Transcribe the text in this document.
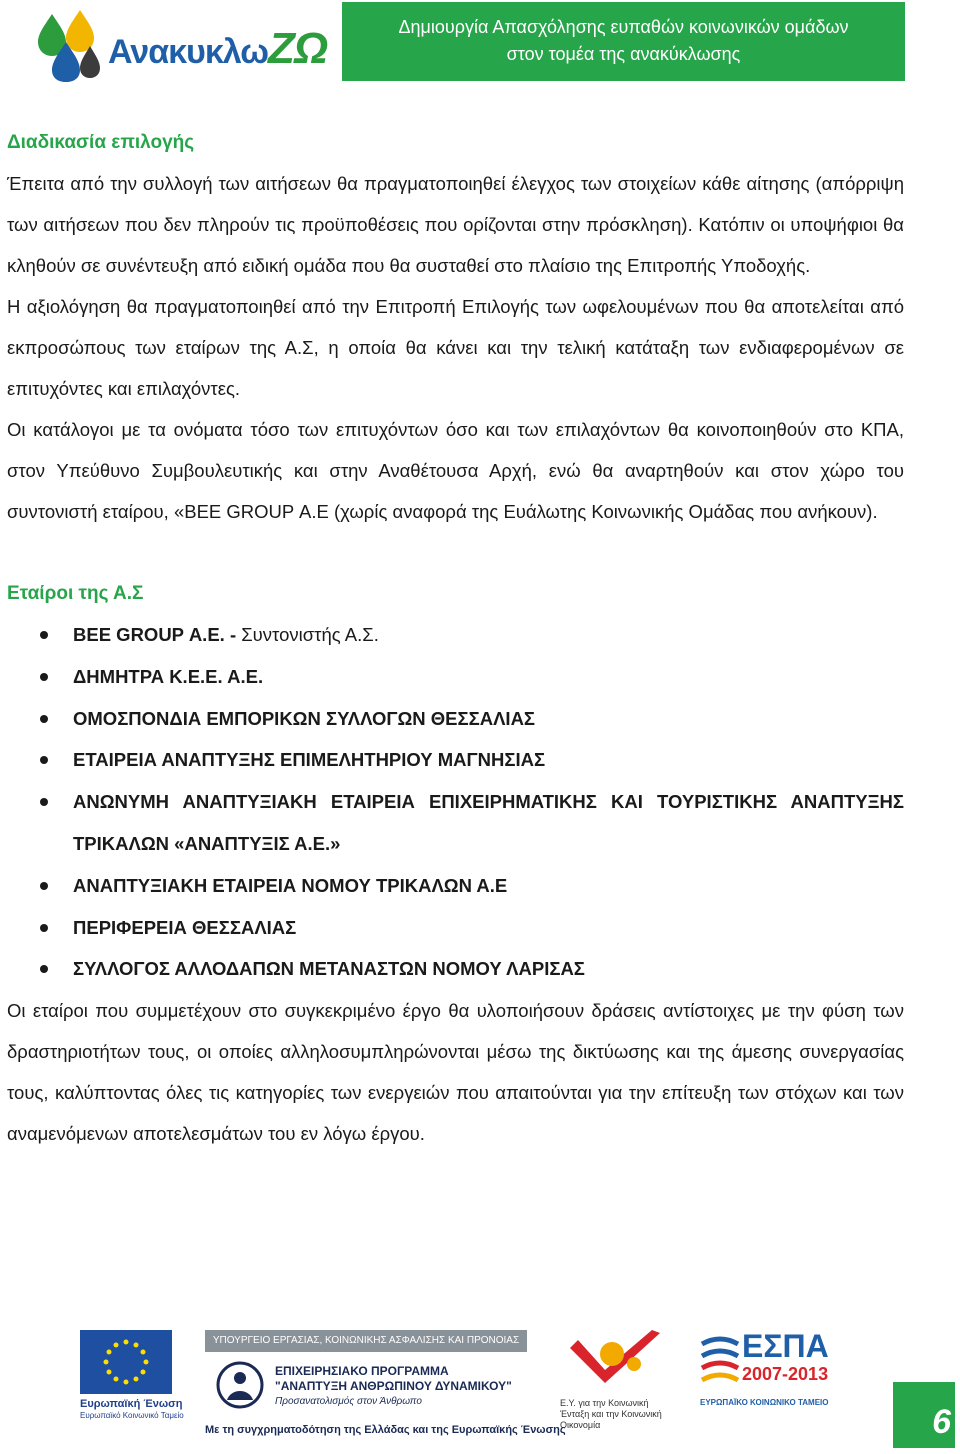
ΑνακυκλωΖΩ	Δημιουργία Απασχόλησης ευπαθών κοινωνικών ομάδων
στον τομέα της ανακύκλωσης

Διαδικασία επιλογής

Έπειτα από την συλλογή των αιτήσεων θα πραγματοποιηθεί έλεγχος των στοιχείων κάθε αίτησης (απόρριψη των αιτήσεων που δεν πληρούν τις προϋποθέσεις που ορίζονται στην πρόσκληση). Κατόπιν οι υποψήφιοι θα κληθούν σε συνέντευξη από ειδική ομάδα που θα συσταθεί στο πλαίσιο της Επιτροπής Υποδοχής.

Η αξιολόγηση θα πραγματοποιηθεί από την Επιτροπή Επιλογής των ωφελουμένων που θα αποτελείται από εκπροσώπους των εταίρων της Α.Σ, η οποία θα κάνει και την τελική κατάταξη των ενδιαφερομένων σε επιτυχόντες και επιλαχόντες.

Οι κατάλογοι με τα ονόματα τόσο των επιτυχόντων όσο και των επιλαχόντων θα κοινοποιηθούν στο ΚΠΑ, στον Υπεύθυνο Συμβουλευτικής και στην Αναθέτουσα Αρχή, ενώ θα αναρτηθούν και στον χώρο του συντονιστή εταίρου, «BEE GROUP Α.Ε (χωρίς αναφορά της Ευάλωτης Κοινωνικής Ομάδας που ανήκουν).

Εταίροι της Α.Σ

BEE GROUP Α.Ε. - Συντονιστής Α.Σ.
ΔΗΜΗΤΡΑ Κ.Ε.Ε. Α.Ε.
ΟΜΟΣΠΟΝΔΙΑ ΕΜΠΟΡΙΚΩΝ ΣΥΛΛΟΓΩΝ ΘΕΣΣΑΛΙΑΣ
ΕΤΑΙΡΕΙΑ ΑΝΑΠΤΥΞΗΣ ΕΠΙΜΕΛΗΤΗΡΙΟΥ ΜΑΓΝΗΣΙΑΣ
ΑΝΩΝΥΜΗ ΑΝΑΠΤΥΞΙΑΚΗ ΕΤΑΙΡΕΙΑ ΕΠΙΧΕΙΡΗΜΑΤΙΚΗΣ ΚΑΙ ΤΟΥΡΙΣΤΙΚΗΣ ΑΝΑΠΤΥΞΗΣ ΤΡΙΚΑΛΩΝ «ΑΝΑΠΤΥΞΙΣ Α.Ε.»
ΑΝΑΠΤΥΞΙΑΚΗ ΕΤΑΙΡΕΙΑ ΝΟΜΟΥ ΤΡΙΚΑΛΩΝ Α.Ε
ΠΕΡΙΦΕΡΕΙΑ ΘΕΣΣΑΛΙΑΣ
ΣΥΛΛΟΓΟΣ ΑΛΛΟΔΑΠΩΝ ΜΕΤΑΝΑΣΤΩΝ ΝΟΜΟΥ ΛΑΡΙΣΑΣ

Οι εταίροι που συμμετέχουν στο συγκεκριμένο έργο θα υλοποιήσουν δράσεις αντίστοιχες με την φύση των δραστηριοτήτων τους, οι οποίες αλληλοσυμπληρώνονται μέσω της δικτύωσης και της άμεσης συνεργασίας τους, καλύπτοντας όλες τις κατηγορίες των ενεργειών που απαιτούνται για την επίτευξη των στόχων και των αναμενόμενων αποτελεσμάτων του εν λόγω έργου.

Ευρωπαϊκή Ένωση
Ευρωπαϊκό Κοινωνικό Ταμείο
ΥΠΟΥΡΓΕΙΟ ΕΡΓΑΣΙΑΣ, ΚΟΙΝΩΝΙΚΗΣ ΑΣΦΑΛΙΣΗΣ ΚΑΙ ΠΡΟΝΟΙΑΣ
ΕΠΙΧΕΙΡΗΣΙΑΚΟ ΠΡΟΓΡΑΜΜΑ
"ΑΝΑΠΤΥΞΗ ΑΝΘΡΩΠΙΝΟΥ ΔΥΝΑΜΙΚΟΥ"
Προσανατολισμός στον Άνθρωπο	Ε.Υ. για την Κοινωνική Ένταξη και την Κοινωνική Οικονομία
ΕΣΠΑ
2007-2013
ΕΥΡΩΠΑΪΚΟ ΚΟΙΝΩΝΙΚΟ ΤΑΜΕΙΟ
Με τη συγχρηματοδότηση της Ελλάδας και της Ευρωπαϊκής Ένωσης	6
